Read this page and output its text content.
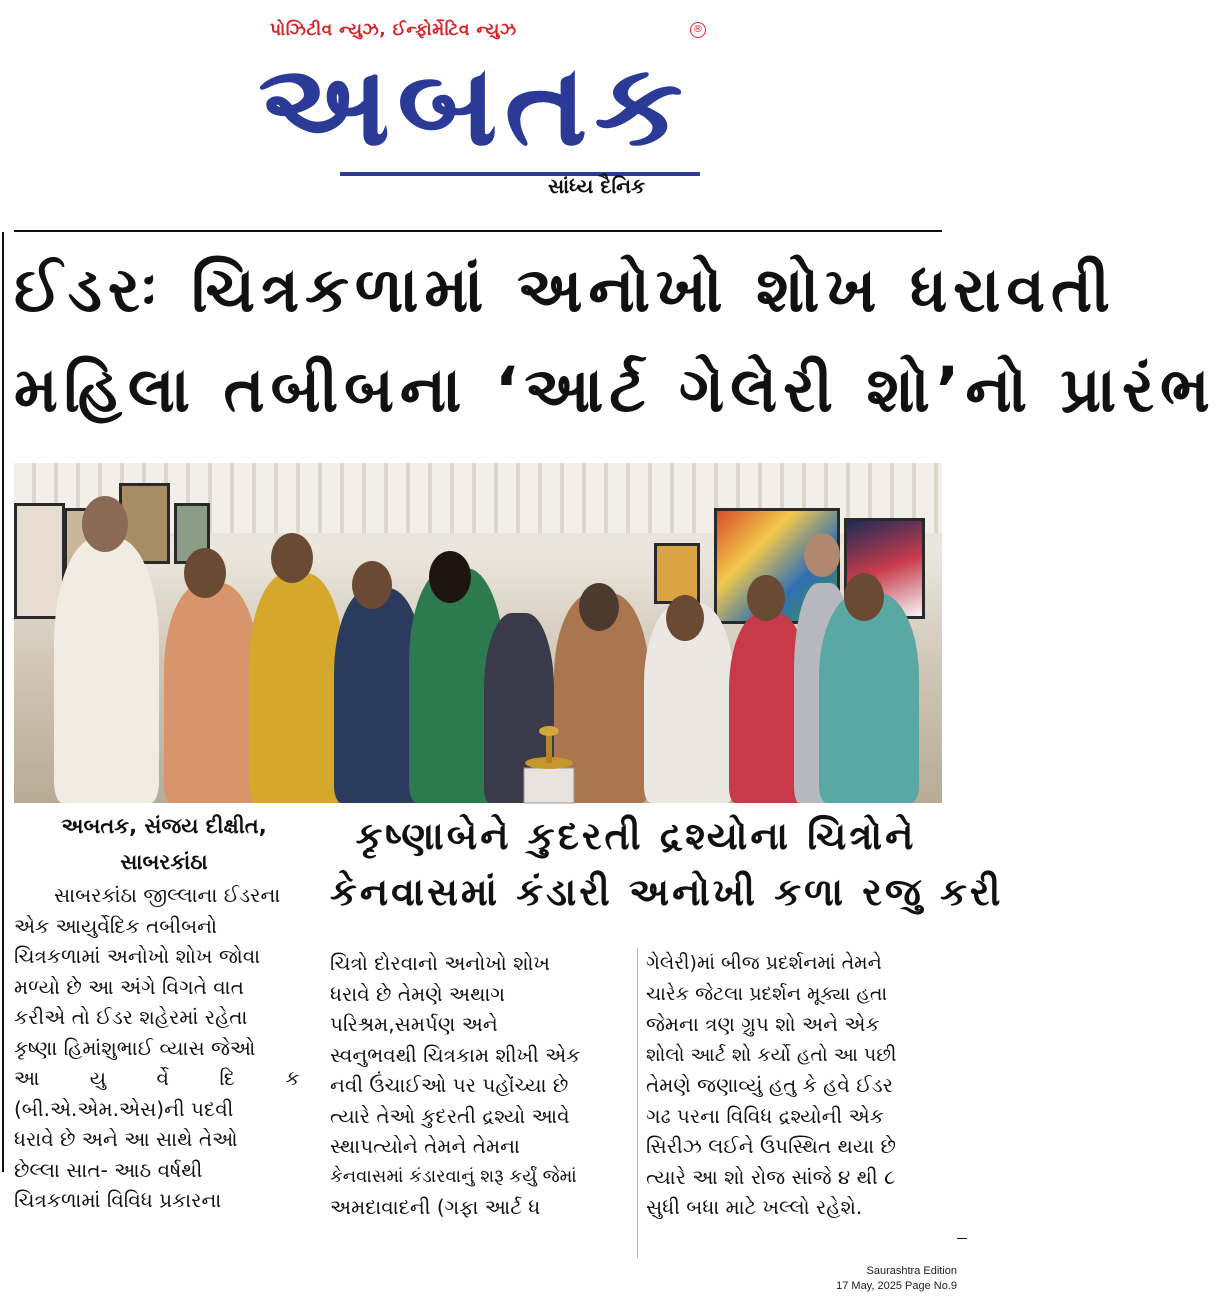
પોઝિટીવ ન્યુઝ, ઈન્ફોર્મેટિવ ન્યુઝ	®
અબતક
સાંધ્ય દૈનિક
ઈડરઃ ચિત્રકળામાં અનોખો શોખ ધરાવતી
મહિલા તબીબના ‘આર્ટ ગેલેરી શો’નો પ્રારંભ
અબતક, સંજય દીક્ષીત,
સાબરકાંઠા
કૃષ્ણાબેને કુદરતી દ્રશ્યોના ચિત્રોને
કેનવાસમાં કંડારી અનોખી કળા રજુ કરી
સાબરકાંઠા જીલ્લાના ઈડરના
એક આયુર્વેદિક તબીબનો
ચિત્રકળામાં અનોખો શોખ જોવા
મળ્યો છે આ અંગે વિગતે વાત
કરીએ તો ઈડર શહેરમાં રહેતા
કૃષ્ણા હિમાંશુભાઈ વ્યાસ જેઓ
આ યુ ર્વે દિ ક
(બી.એ.એમ.એસ)ની પદવી
ધરાવે છે અને આ સાથે તેઓ
છેલ્લા સાત- આઠ વર્ષથી
ચિત્રકળામાં વિવિધ પ્રકારના
ચિત્રો દોરવાનો અનોખો શોખ
ધરાવે છે તેમણે અથાગ
પરિશ્રમ,સમર્પણ અને
સ્વનુભવથી ચિત્રકામ શીખી એક
નવી ઉંચાઈઓ પર પહોંચ્યા છે
ત્યારે તેઓ કુદરતી દ્રશ્યો આવે
સ્થાપત્યોને તેમને તેમના
કેનવાસમાં કંડારવાનું શરૂ કર્યું જેમાં
અમદાવાદની (ગફા આર્ટ ધ
ગેલેરી)માં બીજ પ્રદર્શનમાં તેમને
ચારેક જેટલા પ્રદર્શન મૂક્યા હતા
જેમના ત્રણ ગ્રુપ શો અને એક
શોલો આર્ટ શો કર્યો હતો આ પછી
તેમણે જણાવ્યું હતુ કે હવે ઈડર
ગઢ પરના વિવિધ દ્રશ્યોની એક
સિરીઝ લઈને ઉપસ્થિત થયા છે
ત્યારે આ શો રોજ સાંજે ૪ થી ૮
સુધી બધા માટે ખલ્લો રહેશે.
Saurashtra Edition
17 May, 2025 Page No.9
